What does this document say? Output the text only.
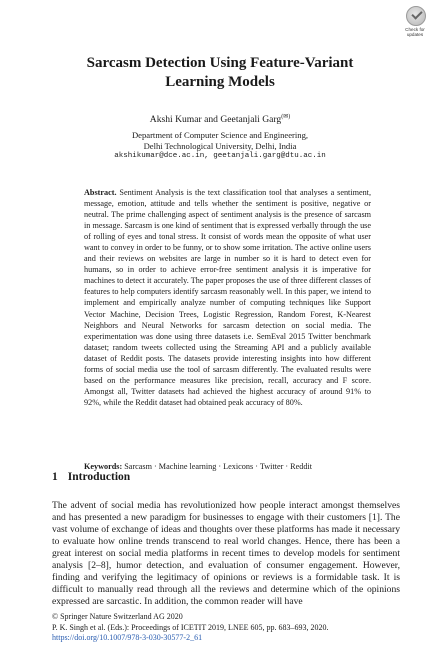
Check for updates
Sarcasm Detection Using Feature-Variant Learning Models
Akshi Kumar and Geetanjali Garg(✉)
Department of Computer Science and Engineering,
Delhi Technological University, Delhi, India
akshikumar@dce.ac.in, geetanjali.garg@dtu.ac.in

Abstract. Sentiment Analysis is the text classification tool that analyses a sentiment, message, emotion, attitude and tells whether the sentiment is positive, negative or neutral. The prime challenging aspect of sentiment analysis is the presence of sarcasm in message. Sarcasm is one kind of sentiment that is expressed verbally through the use of rolling of eyes and tonal stress. It consist of words mean the opposite of what user want to convey in order to be funny, or to show some irritation. The active online users and their reviews on websites are large in number so it is hard to detect even for humans, so in order to achieve error-free sentiment analysis it is imperative for machines to detect it accurately. The paper proposes the use of three different classes of features to help computers identify sarcasm reasonably well. In this paper, we intend to implement and empirically analyze number of computing techniques like Support Vector Machine, Decision Trees, Logistic Regression, Random Forest, K-Nearest Neighbors and Neural Networks for sarcasm detection on social media. The experimentation was done using three datasets i.e. SemEval 2015 Twitter benchmark dataset; random tweets collected using the Streaming API and a publicly available dataset of Reddit posts. The datasets provide interesting insights into how different forms of social media use the tool of sarcasm differently. The evaluated results were based on the performance measures like precision, recall, accuracy and F score. Amongst all, Twitter datasets had achieved the highest accuracy of around 91% to 92%, while the Reddit dataset had obtained peak accuracy of 80%.

Keywords: Sarcasm · Machine learning · Lexicons · Twitter · Reddit

1 Introduction

The advent of social media has revolutionized how people interact amongst themselves and has presented a new paradigm for businesses to engage with their customers [1]. The vast volume of exchange of ideas and thoughts over these platforms has made it necessary to evaluate how online trends transcend to real world changes. Hence, there has been a great interest on social media platforms in recent times to develop models for sentiment analysis [2–8], humor detection, and evaluation of consumer engagement. However, finding and verifying the legitimacy of opinions or reviews is a formidable task. It is difficult to manually read through all the reviews and determine which of the opinions expressed are sarcastic. In addition, the common reader will have

© Springer Nature Switzerland AG 2020
P. K. Singh et al. (Eds.): Proceedings of ICETIT 2019, LNEE 605, pp. 683–693, 2020.
https://doi.org/10.1007/978-3-030-30577-2_61
